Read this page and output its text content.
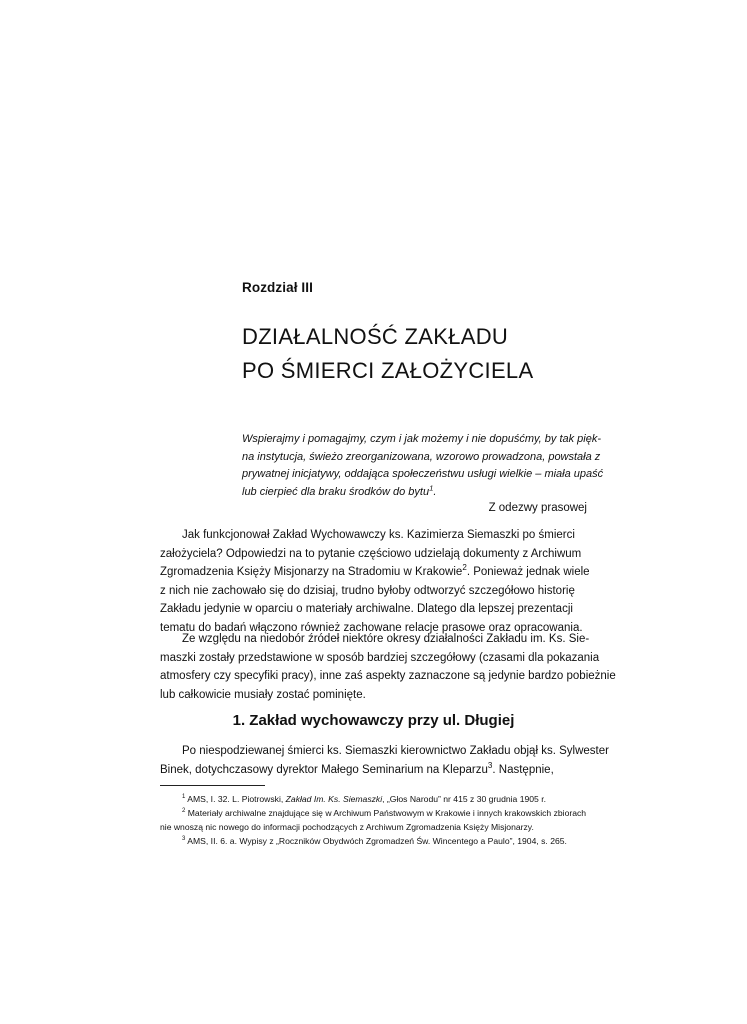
Rozdział III
DZIAŁALNOŚĆ ZAKŁADU
PO ŚMIERCI ZAŁOŻYCIELA
Wspierajmy i pomagajmy, czym i jak możemy i nie dopuśćmy, by tak pięk-
na instytucja, świeżo zreorganizowana, wzorowo prowadzona, powstała z
prywatnej inicjatywy, oddająca społeczeństwu usługi wielkie – miała upaść
lub cierpieć dla braku środków do bytu$^1$.
Z odezwy prasowej
Jak funkcjonował Zakład Wychowawczy ks. Kazimierza Siemaszki po śmierci
założyciela? Odpowiedzi na to pytanie częściowo udzielają dokumenty z Archiwum
Zgromadzenia Księży Misjonarzy na Stradomiu w Krakowie$^2$. Ponieważ jednak wiele
z nich nie zachowało się do dzisiaj, trudno byłoby odtworzyć szczegółowo historię
Zakładu jedynie w oparciu o materiały archiwalne. Dlatego dla lepszej prezentacji
tematu do badań włączono również zachowane relacje prasowe oraz opracowania.
Ze względu na niedobór źródeł niektóre okresy działalności Zakładu im. Ks. Sie-
maszki zostały przedstawione w sposób bardziej szczegółowy (czasami dla pokazania
atmosfery czy specyfiki pracy), inne zaś aspekty zaznaczone są jedynie bardzo pobieżnie
lub całkowicie musiały zostać pominięte.
1. Zakład wychowawczy przy ul. Długiej
Po niespodziewanej śmierci ks. Siemaszki kierownictwo Zakładu objął ks. Sylwester
Binek, dotychczasowy dyrektor Małego Seminarium na Kleparzu$^3$. Następnie,
$^1$ AMS, I. 32. L. Piotrowski, Zakład Im. Ks. Siemaszki, „Głos Narodu” nr 415 z 30 grudnia 1905 r.
$^2$ Materiały archiwalne znajdujące się w Archiwum Państwowym w Krakowie i innych krakowskich zbiorach
nie wnoszą nic nowego do informacji pochodzących z Archiwum Zgromadzenia Księży Misjonarzy.
$^3$ AMS, II. 6. a. Wypisy z „Roczników Obydwóch Zgromadzeń Św. Wincentego a Paulo”, 1904, s. 265.
